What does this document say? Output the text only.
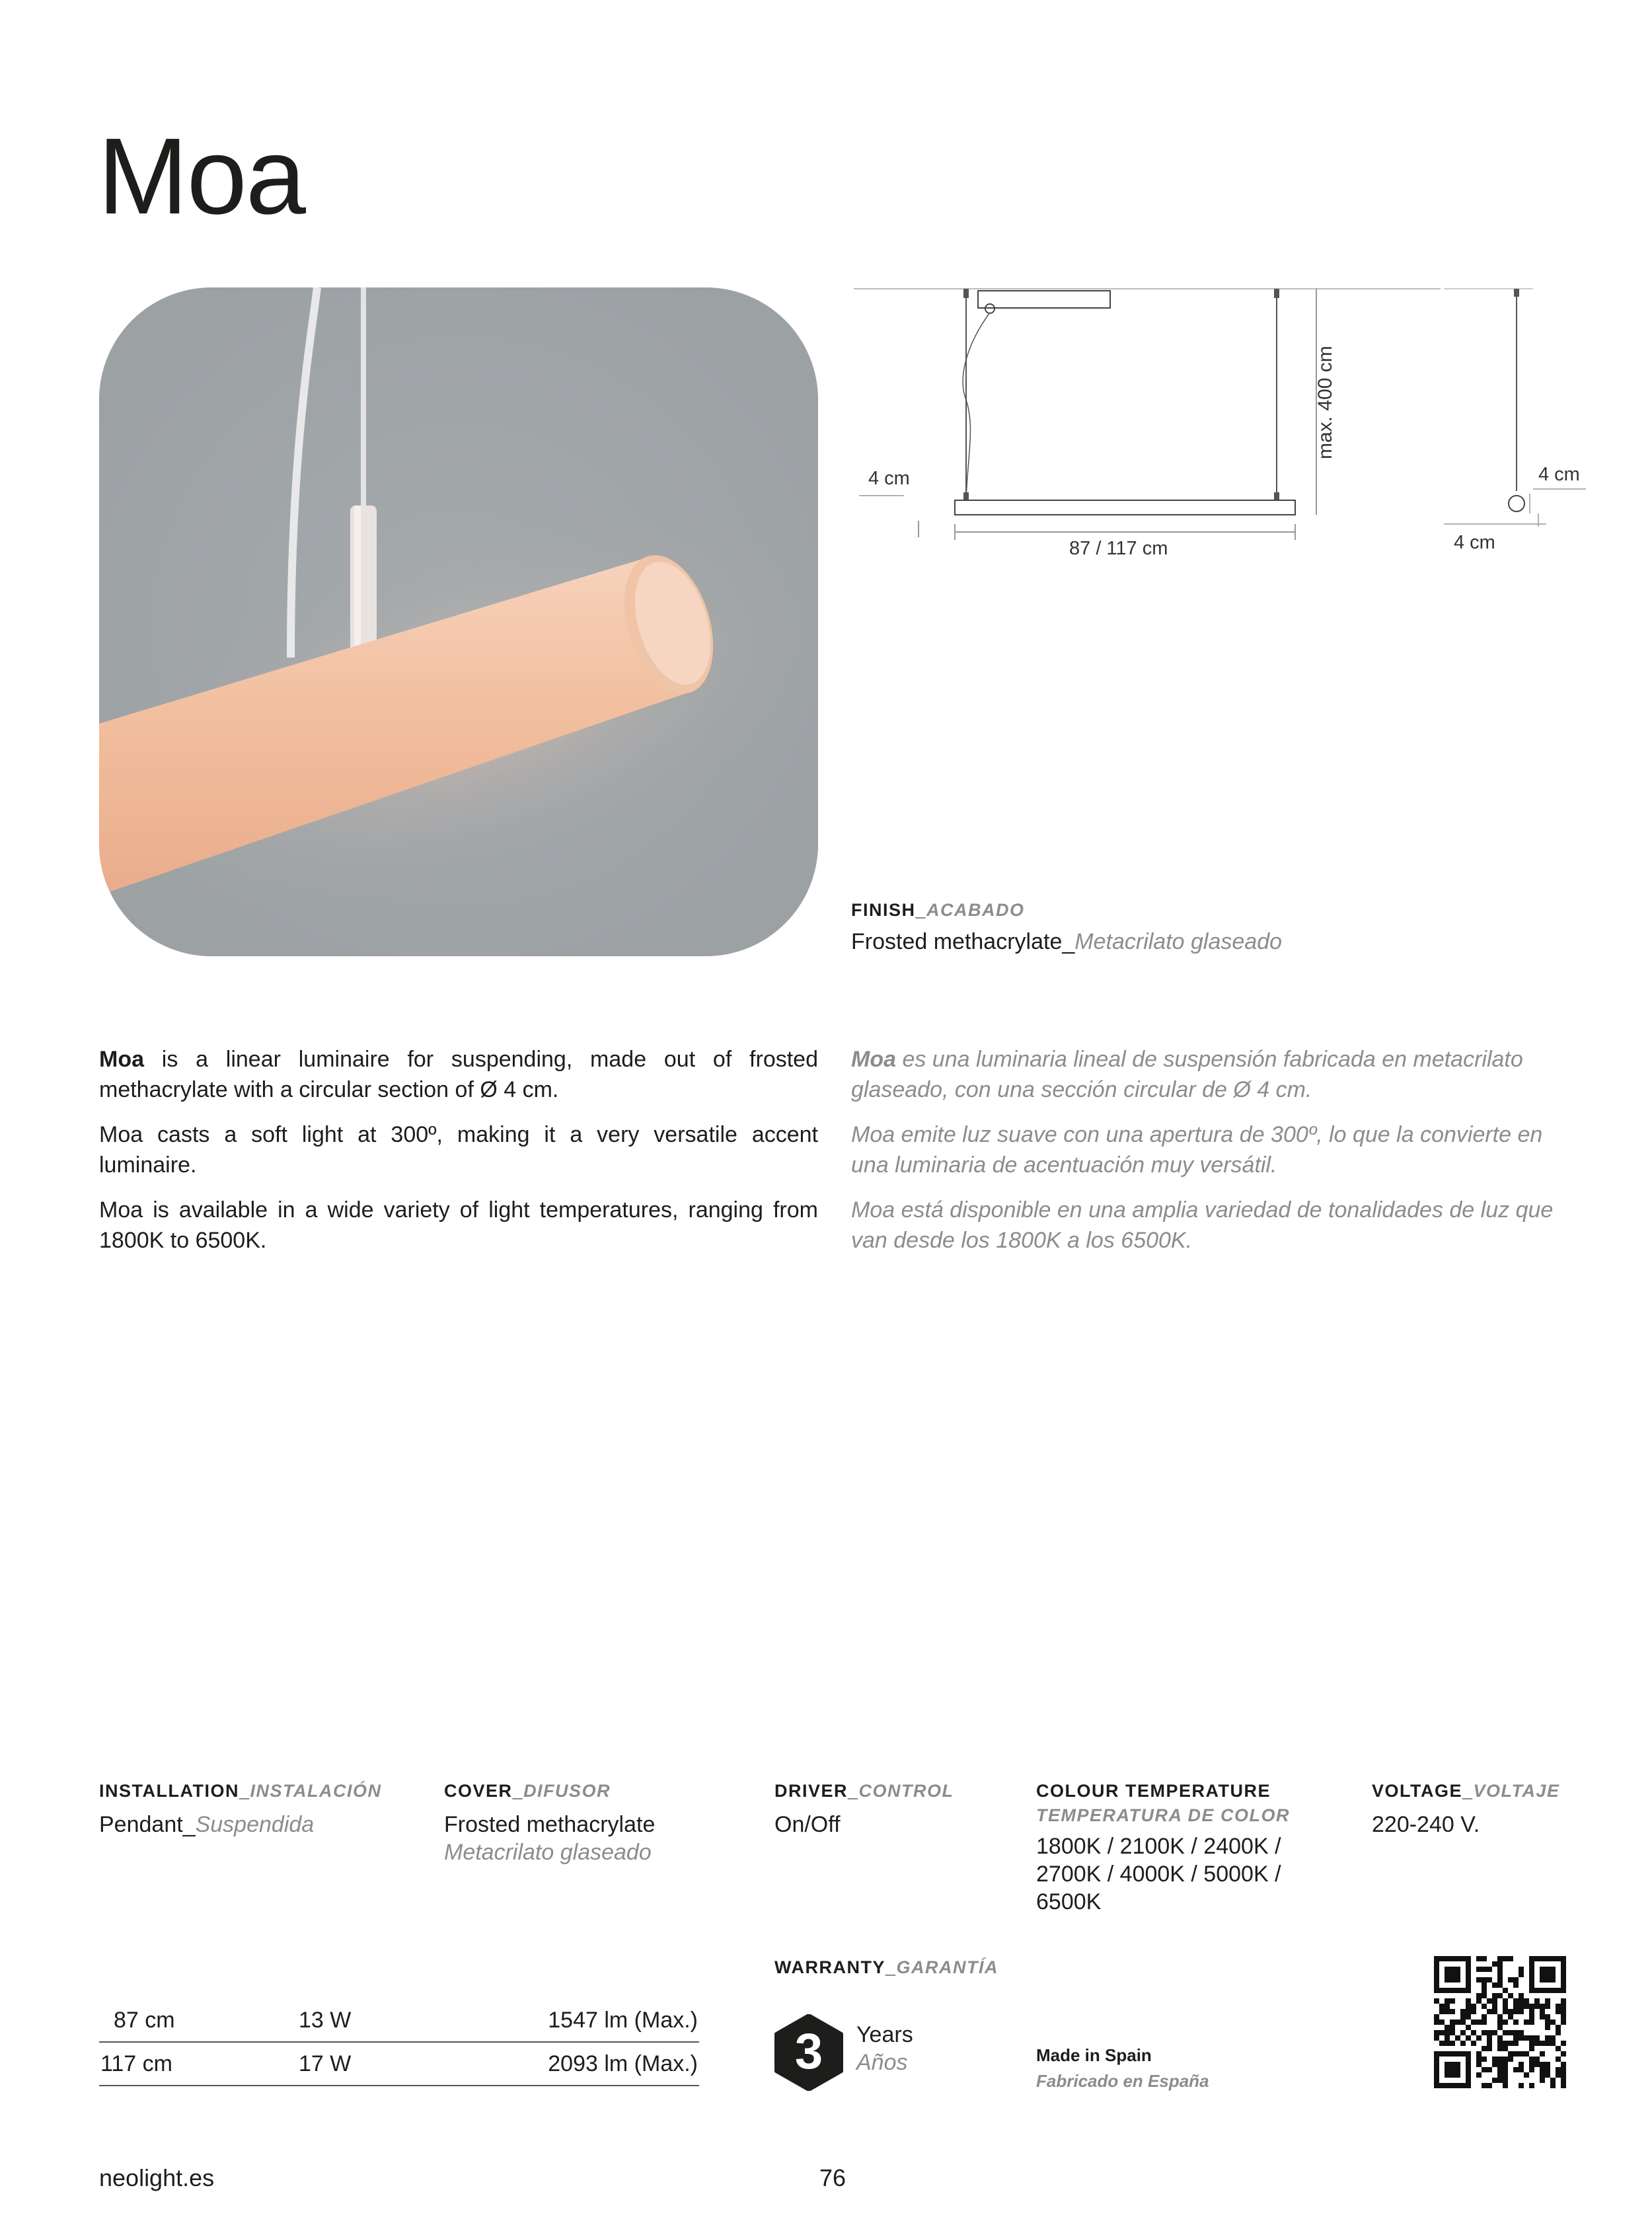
Moa
max. 400 cm
4 cm
87 / 117 cm
4 cm
4 cm
FINISH_ACABADO
Frosted methacrylate_Metacrilato glaseado

Moa is a linear luminaire for suspending, made out of frosted methacrylate with a circular section of Ø 4 cm.

Moa casts a soft light at 300º, making it a very versatile accent luminaire.

Moa is available in a wide variety of light temperatures, ranging from 1800K to 6500K.

Moa es una luminaria lineal de suspensión fabricada en metacrilato glaseado, con una sección circular de Ø 4 cm.

Moa emite luz suave con una apertura de 300º, lo que la convierte en una luminaria de acentuación muy versátil.

Moa está disponible en una amplia variedad de tonalidades de luz que van desde los 1800K a los 6500K.

INSTALLATION_INSTALACIÓN
Pendant_Suspendida
COVER_DIFUSOR
Frosted methacrylate
Metacrilato glaseado
DRIVER_CONTROL
On/Off
COLOUR TEMPERATURE
TEMPERATURA DE COLOR
1800K / 2100K / 2400K /
2700K / 4000K / 5000K /
6500K
VOLTAGE_VOLTAJE
220-240 V.
87 cm	13 W	1547 lm (Max.)
117 cm	17 W	2093 lm (Max.)
WARRANTY_GARANTÍA
3 Years
Años	Made in Spain
Fabricado en España
neolight.es	76
